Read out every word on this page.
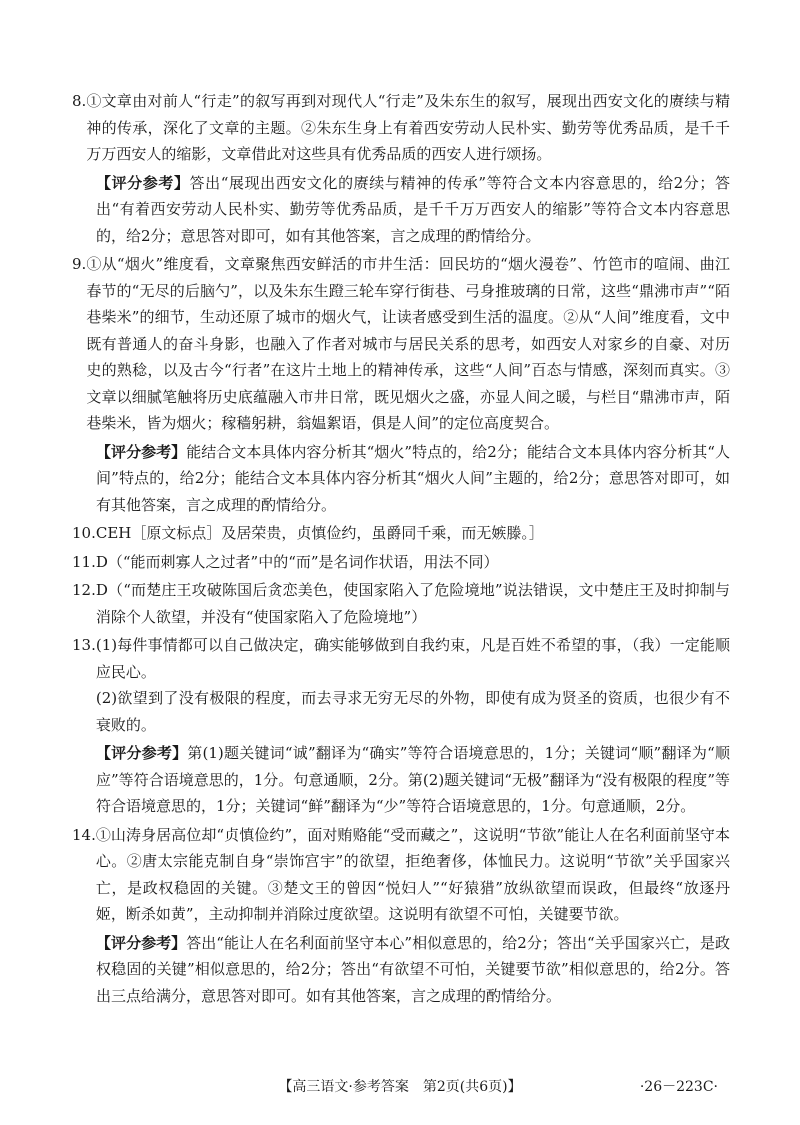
8. ①文章由对前人“行走”的叙写再到对现代人“行走”及朱东生的叙写，展现出西安文化的赓续与精神的传承，深化了文章的主题。②朱东生身上有着西安劳动人民朴实、勤劳等优秀品质，是千千万万西安人的缩影，文章借此对这些具有优秀品质的西安人进行颂扬。

【评分参考】答出“展现出西安文化的赓续与精神的传承”等符合文本内容意思的，给2分；答出“有着西安劳动人民朴实、勤劳等优秀品质，是千千万万西安人的缩影”等符合文本内容意思的，给2分；意思答对即可，如有其他答案，言之成理的酌情给分。

9. ①从“烟火”维度看，文章聚焦西安鲜活的市井生活：回民坊的“烟火漫卷”、竹笆市的喧闹、曲江春节的“无尽的后脑勺”，以及朱东生蹬三轮车穿行街巷、弓身推玻璃的日常，这些“鼎沸市声”“陌巷柴米”的细节，生动还原了城市的烟火气，让读者感受到生活的温度。②从“人间”维度看，文中既有普通人的奋斗身影，也融入了作者对城市与居民关系的思考，如西安人对家乡的自豪、对历史的熟稔，以及古今“行者”在这片土地上的精神传承，这些“人间”百态与情感，深刻而真实。③文章以细腻笔触将历史底蕴融入市井日常，既见烟火之盛，亦显人间之暖，与栏目“鼎沸市声，陌巷柴米，皆为烟火；稼穑躬耕，翁媪絮语，俱是人间”的定位高度契合。

【评分参考】能结合文本具体内容分析其“烟火”特点的，给2分；能结合文本具体内容分析其“人间”特点的，给2分；能结合文本具体内容分析其“烟火人间”主题的，给2分；意思答对即可，如有其他答案，言之成理的酌情给分。

10. CEH［原文标点］及居荣贵，贞慎俭约，虽爵同千乘，而无嫉滕。］

11. D（“能而刺寡人之过者”中的“而”是名词作状语，用法不同）

12. D（“而楚庄王攻破陈国后贪恋美色，使国家陷入了危险境地”说法错误，文中楚庄王及时抑制与消除个人欲望，并没有“使国家陷入了危险境地”）

13. (1)每件事情都可以自己做决定，确实能够做到自我约束，凡是百姓不希望的事，（我）一定能顺应民心。

(2)欲望到了没有极限的程度，而去寻求无穷无尽的外物，即使有成为贤圣的资质，也很少有不衰败的。

【评分参考】第(1)题关键词“诚”翻译为“确实”等符合语境意思的，1分；关键词“顺”翻译为“顺应”等符合语境意思的，1分。句意通顺，2分。第(2)题关键词“无极”翻译为“没有极限的程度”等符合语境意思的，1分；关键词“鲜”翻译为“少”等符合语境意思的，1分。句意通顺，2分。

14. ①山涛身居高位却“贞慎俭约”，面对贿赂能“受而藏之”，这说明“节欲”能让人在名利面前坚守本心。②唐太宗能克制自身“崇饰宫宇”的欲望，拒绝奢侈，体恤民力。这说明“节欲”关乎国家兴亡，是政权稳固的关键。③楚文王的曾因“悦妇人”“好猿猎”放纵欲望而误政，但最终“放逐丹姬，断杀如黄”，主动抑制并消除过度欲望。这说明有欲望不可怕，关键要节欲。

【评分参考】答出“能让人在名利面前坚守本心”相似意思的，给2分；答出“关乎国家兴亡，是政权稳固的关键”相似意思的，给2分；答出“有欲望不可怕，关键要节欲”相似意思的，给2分。答出三点给满分，意思答对即可。如有其他答案，言之成理的酌情给分。

【高三语文·参考答案　第2页(共6页)】	·26－223C·
